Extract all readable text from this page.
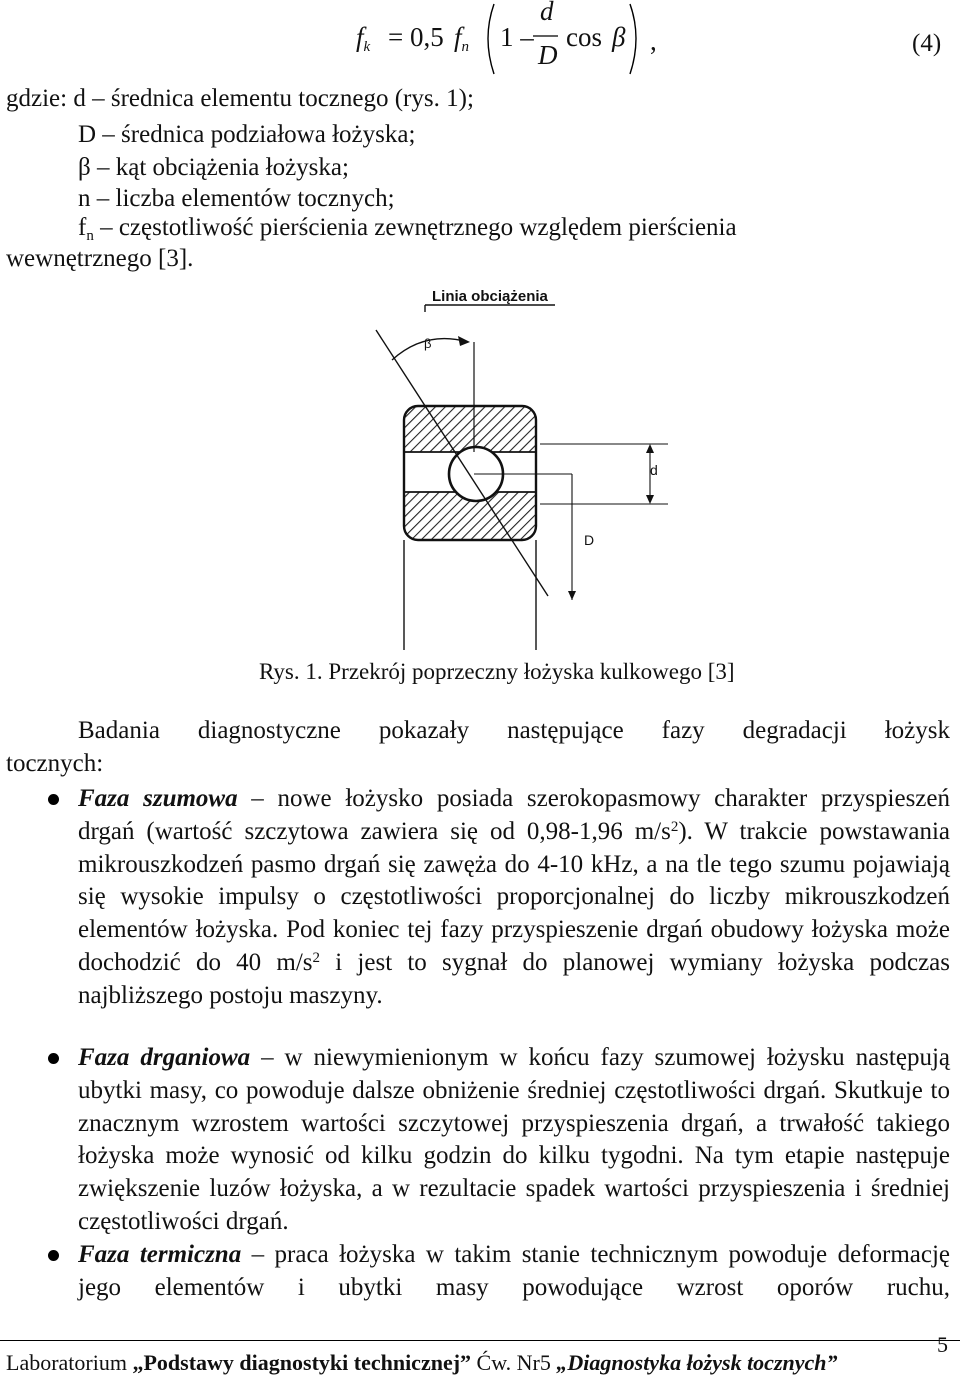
$f_k = 0,5$ $f_n$ 1 –
d
D
cos β ,	(4)
gdzie: d – średnica elementu tocznego (rys. 1);
D – średnica podziałowa łożyska;
β – kąt obciążenia łożyska;
n – liczba elementów tocznych;
$f_n$ – częstotliwość pierścienia zewnętrznego względem pierścienia
wewnętrznego [3].
Linia obciążenia
β
d
D
Rys. 1. Przekrój poprzeczny łożyska kulkowego [3]
Badania diagnostyczne pokazały następujące fazy degradacji łożysk
tocznych:

Faza szumowa – nowe łożysko posiada szerokopasmowy charakter przyspieszeń drgań (wartość szczytowa zawiera się od 0,98-1,96 $m/s^2$). W trakcie powstawania mikrouszkodzeń pasmo drgań się zawęża do 4-10 kHz, a na tle tego szumu pojawiają się wysokie impulsy o częstotliwości proporcjonalnej do liczby mikrouszkodzeń elementów łożyska. Pod koniec tej fazy przyspieszenie drgań obudowy łożyska może dochodzić do 40 $m/s^2$ i jest to sygnał do planowej wymiany łożyska podczas najbliższego postoju maszyny.

Faza drganiowa – w niewymienionym w końcu fazy szumowej łożysku następują ubytki masy, co powoduje dalsze obniżenie średniej częstotliwości drgań. Skutkuje to znacznym wzrostem wartości szczytowej przyspieszenia drgań, a trwałość takiego łożyska może wynosić od kilku godzin do kilku tygodni. Na tym etapie następuje zwiększenie luzów łożyska, a w rezultacie spadek wartości przyspieszenia i średniej częstotliwości drgań.

Faza termiczna – praca łożyska w takim stanie technicznym powoduje deformację jego elementów i ubytki masy powodujące wzrost oporów ruchu,

Laboratorium „Podstawy diagnostyki technicznej” Ćw. Nr5 „Diagnostyka łożysk tocznych”
5
